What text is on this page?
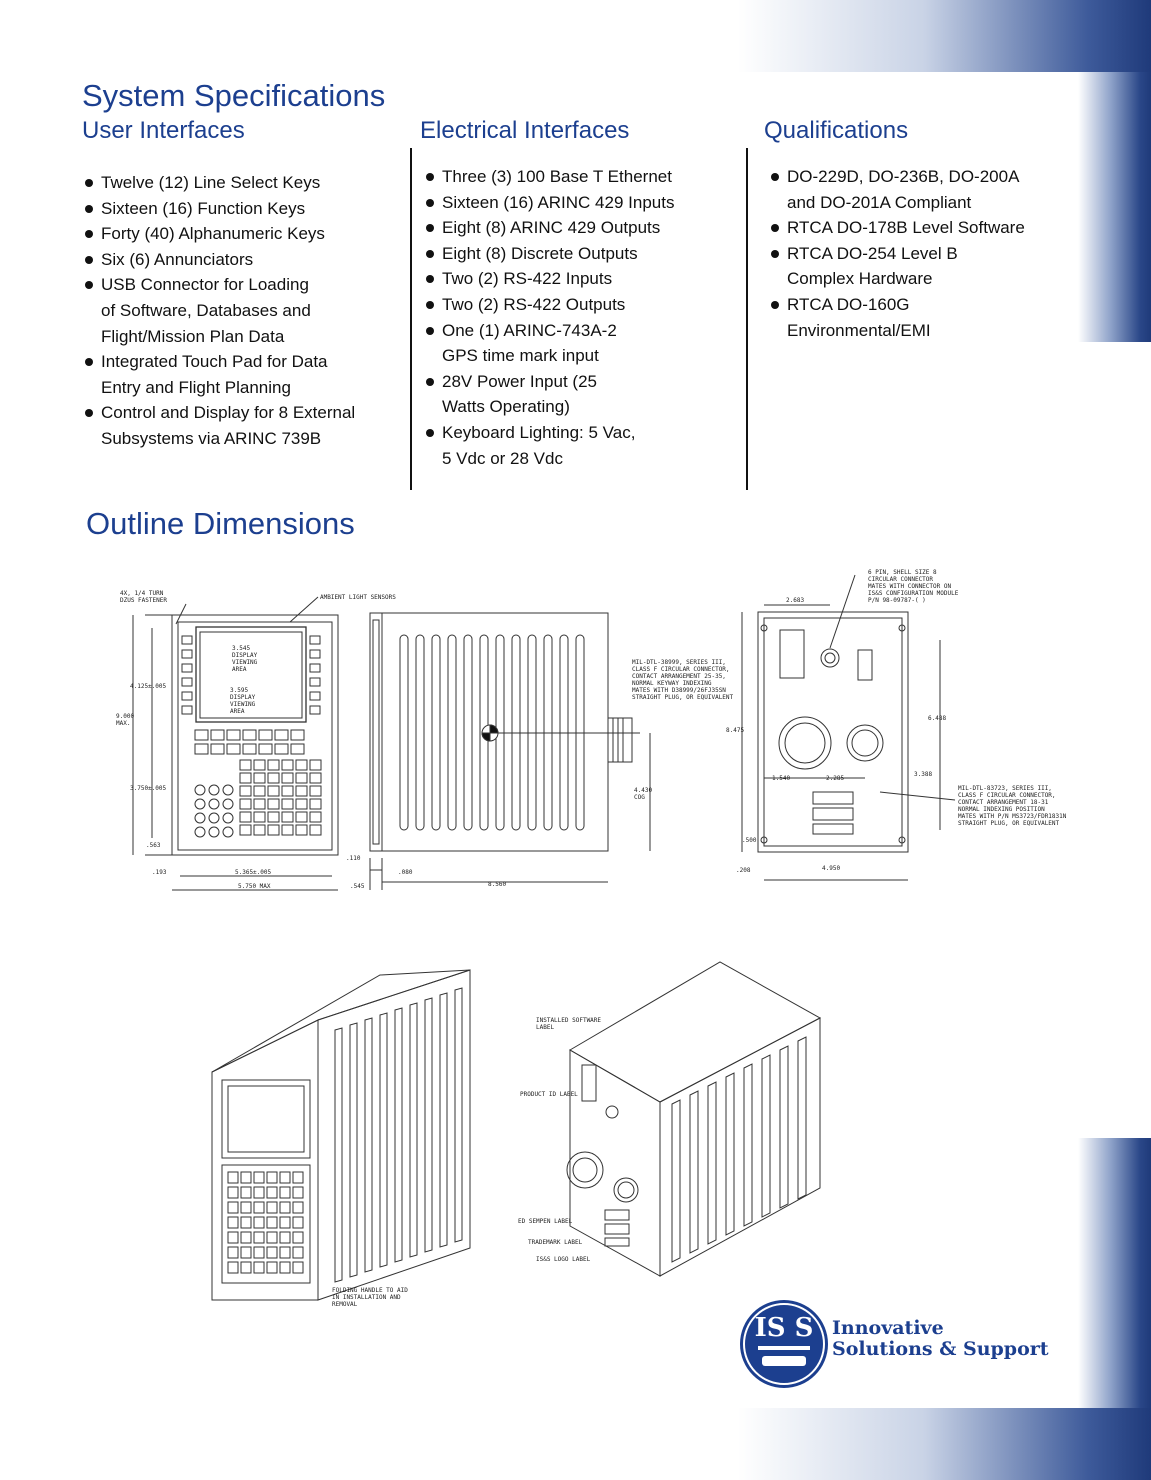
System Specifications
User Interfaces	Electrical Interfaces	Qualifications
Twelve (12) Line Select Keys
Sixteen (16) Function Keys
Forty (40) Alphanumeric Keys
Six (6) Annunciators
USB Connector for Loading
of Software, Databases and
Flight/Mission Plan Data
Integrated Touch Pad for Data
Entry and Flight Planning
Control and Display for 8 External
Subsystems via ARINC 739B
Three (3) 100 Base T Ethernet
Sixteen (16) ARINC 429 Inputs
Eight (8) ARINC 429 Outputs
Eight (8) Discrete Outputs
Two (2) RS-422 Inputs
Two (2) RS-422 Outputs
One (1) ARINC-743A-2
GPS time mark input
28V Power Input (25
Watts Operating)
Keyboard Lighting: 5 Vac,
5 Vdc or 28 Vdc
DO-229D, DO-236B, DO-200A
and DO-201A Compliant
RTCA DO-178B Level Software
RTCA DO-254 Level B
Complex Hardware
RTCA DO-160G
Environmental/EMI
Outline Dimensions
4X, 1/4 TURN DZUS FASTENER	AMBIENT LIGHT SENSORS
3.545 DISPLAY VIEWING AREA
3.595 DISPLAY VIEWING AREA
4.125±.005
9.000 MAX.
3.750±.005
.563
.193	5.365±.005
5.750 MAX
MIL-DTL-38999, SERIES III, CLASS F CIRCULAR CONNECTOR, CONTACT ARRANGEMENT 25-35, NORMAL KEYWAY INDEXING MATES WITH D38999/26FJ35SN STRAIGHT PLUG, OR EQUIVALENT
4.430 COG
.110
.545
.080
8.560
6 PIN, SHELL SIZE 8 CIRCULAR CONNECTOR MATES WITH CONNECTOR ON IS&S CONFIGURATION MODULE P/N 98-09787-( )
2.683
8.475
6.488
1.540	2.285
3.388
.500
.208	4.950
MIL-DTL-83723, SERIES III, CLASS F CIRCULAR CONNECTOR, CONTACT ARRANGEMENT 18-31 NORMAL INDEXING POSITION MATES WITH P/N MS3723/FDR1831N STRAIGHT PLUG, OR EQUIVALENT
FOLDING HANDLE TO AID IN INSTALLATION AND REMOVAL
INSTALLED SOFTWARE LABEL
PRODUCT ID LABEL
ED SEMPEN LABEL
TRADEMARK LABEL
IS&S LOGO LABEL
IS S Innovative
Solutions & Support
